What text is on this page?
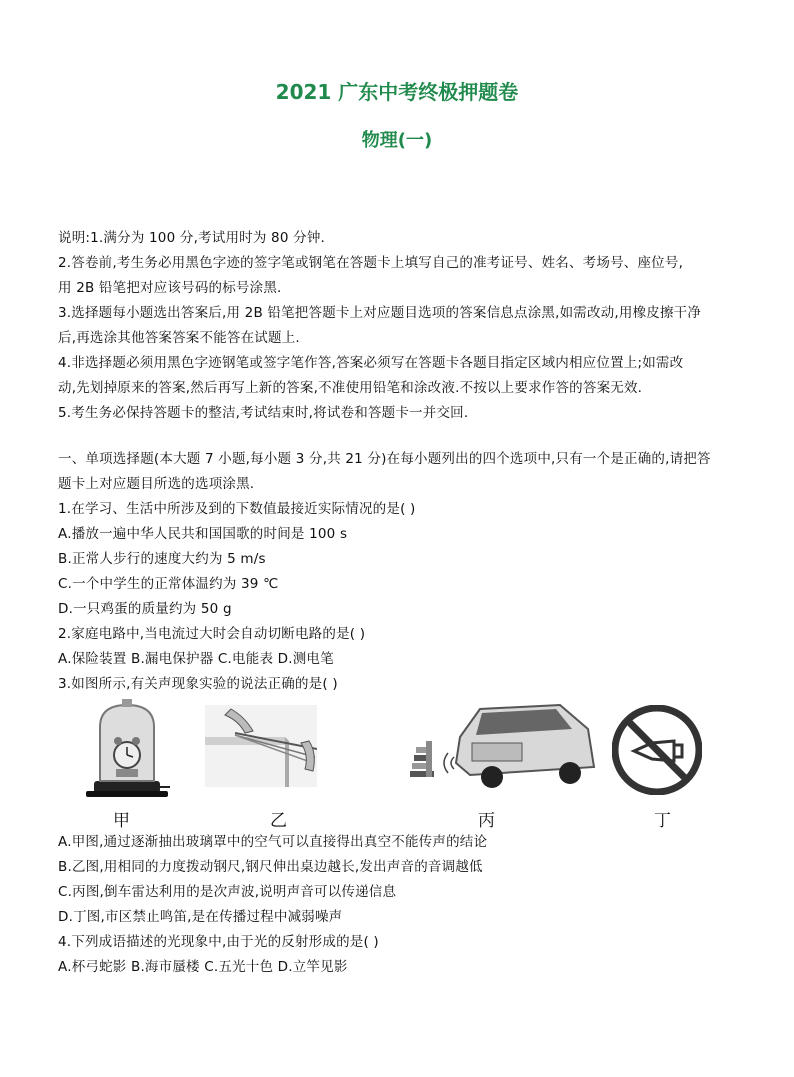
2021 广东中考终极押题卷
物理(一)
说明:1.满分为 100 分,考试用时为 80 分钟.
2.答卷前,考生务必用黑色字迹的签字笔或钢笔在答题卡上填写自己的准考证号、姓名、考场号、座位号,
用 2B 铅笔把对应该号码的标号涂黑.
3.选择题每小题选出答案后,用 2B 铅笔把答题卡上对应题目选项的答案信息点涂黑,如需改动,用橡皮擦干净
后,再选涂其他答案答案不能答在试题上.
4.非选择题必须用黑色字迹钢笔或签字笔作答,答案必须写在答题卡各题目指定区域内相应位置上;如需改
动,先划掉原来的答案,然后再写上新的答案,不准使用铅笔和涂改液.不按以上要求作答的答案无效.
5.考生务必保持答题卡的整洁,考试结束时,将试卷和答题卡一并交回.
一、单项选择题(本大题 7 小题,每小题 3 分,共 21 分)在每小题列出的四个选项中,只有一个是正确的,请把答
题卡上对应题目所选的选项涂黑.
1.在学习、生活中所涉及到的下数值最接近实际情况的是( )
A.播放一遍中华人民共和国国歌的时间是 100 s
B.正常人步行的速度大约为 5 m/s
C.一个中学生的正常体温约为 39 ℃
D.一只鸡蛋的质量约为 50 g
2.家庭电路中,当电流过大时会自动切断电路的是( )
A.保险装置 B.漏电保护器 C.电能表 D.测电笔
3.如图所示,有关声现象实验的说法正确的是( )
甲	乙	丙	丁
A.甲图,通过逐渐抽出玻璃罩中的空气可以直接得出真空不能传声的结论
B.乙图,用相同的力度拨动钢尺,钢尺伸出桌边越长,发出声音的音调越低
C.丙图,倒车雷达利用的是次声波,说明声音可以传递信息
D.丁图,市区禁止鸣笛,是在传播过程中减弱噪声
4.下列成语描述的光现象中,由于光的反射形成的是( )
A.杯弓蛇影 B.海市蜃楼 C.五光十色 D.立竿见影
